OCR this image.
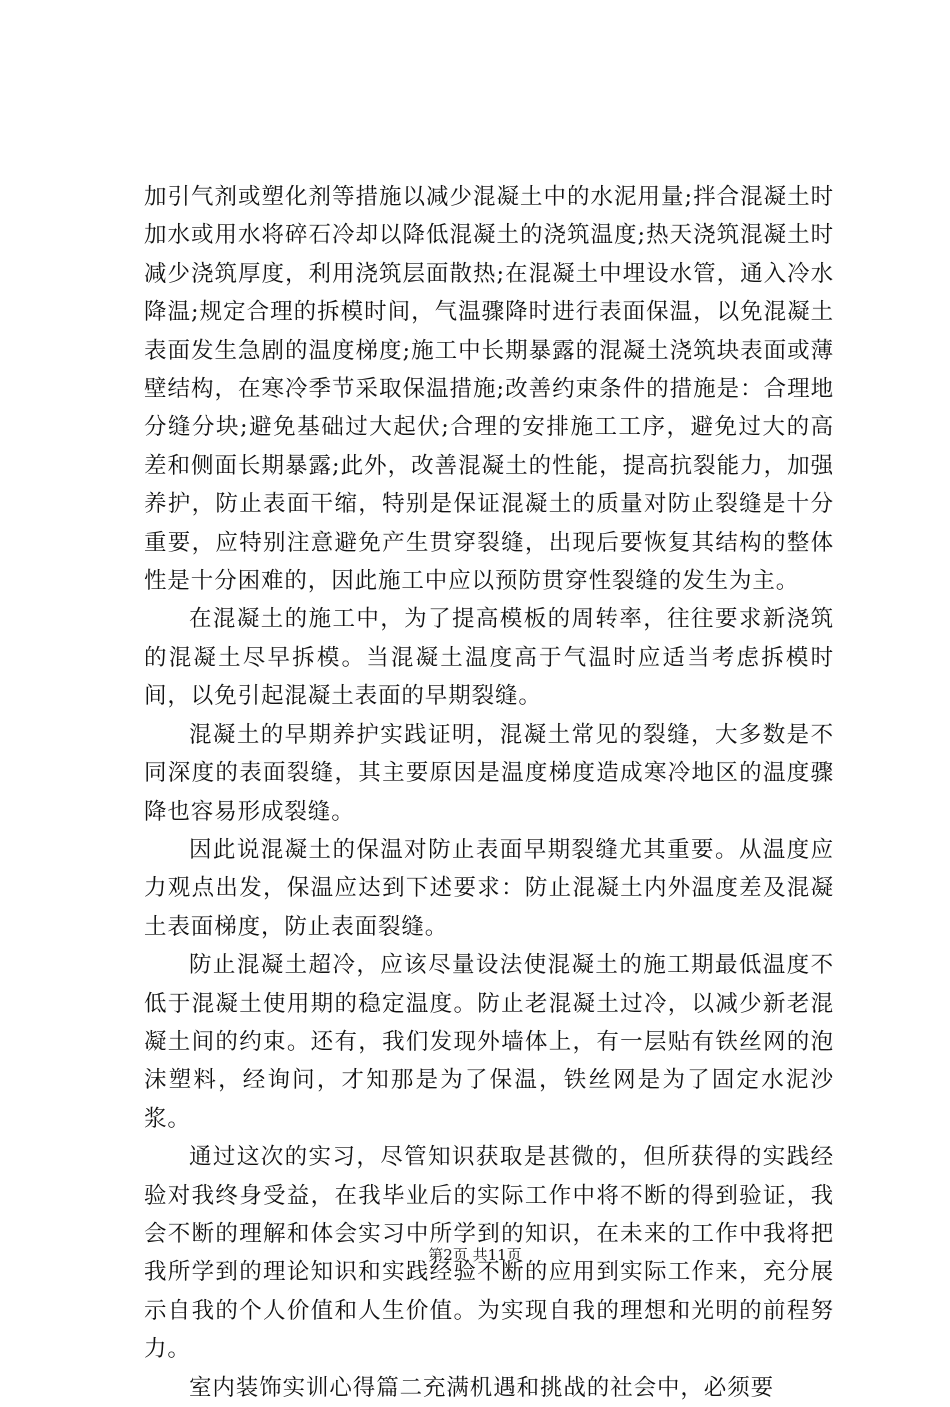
加引气剂或塑化剂等措施以减少混凝土中的水泥用量;拌合混凝土时加水或用水将碎石冷却以降低混凝土的浇筑温度;热天浇筑混凝土时减少浇筑厚度，利用浇筑层面散热;在混凝土中埋设水管，通入冷水降温;规定合理的拆模时间，气温骤降时进行表面保温，以免混凝土表面发生急剧的温度梯度;施工中长期暴露的混凝土浇筑块表面或薄壁结构，在寒冷季节采取保温措施;改善约束条件的措施是：合理地分缝分块;避免基础过大起伏;合理的安排施工工序，避免过大的高差和侧面长期暴露;此外，改善混凝土的性能，提高抗裂能力，加强养护，防止表面干缩，特别是保证混凝土的质量对防止裂缝是十分重要，应特别注意避免产生贯穿裂缝，出现后要恢复其结构的整体性是十分困难的，因此施工中应以预防贯穿性裂缝的发生为主。

在混凝土的施工中，为了提高模板的周转率，往往要求新浇筑的混凝土尽早拆模。当混凝土温度高于气温时应适当考虑拆模时间，以免引起混凝土表面的早期裂缝。

混凝土的早期养护实践证明，混凝土常见的裂缝，大多数是不同深度的表面裂缝，其主要原因是温度梯度造成寒冷地区的温度骤降也容易形成裂缝。

因此说混凝土的保温对防止表面早期裂缝尤其重要。从温度应力观点出发，保温应达到下述要求：防止混凝土内外温度差及混凝土表面梯度，防止表面裂缝。

防止混凝土超冷，应该尽量设法使混凝土的施工期最低温度不低于混凝土使用期的稳定温度。防止老混凝土过冷，以减少新老混凝土间的约束。还有，我们发现外墙体上，有一层贴有铁丝网的泡沫塑料，经询问，才知那是为了保温，铁丝网是为了固定水泥沙浆。

通过这次的实习，尽管知识获取是甚微的，但所获得的实践经验对我终身受益，在我毕业后的实际工作中将不断的得到验证，我会不断的理解和体会实习中所学到的知识，在未来的工作中我将把我所学到的理论知识和实践经验不断的应用到实际工作来，充分展示自我的个人价值和人生价值。为实现自我的理想和光明的前程努力。

室内装饰实训心得篇二充满机遇和挑战的社会中，必须要

第2页 共11页
